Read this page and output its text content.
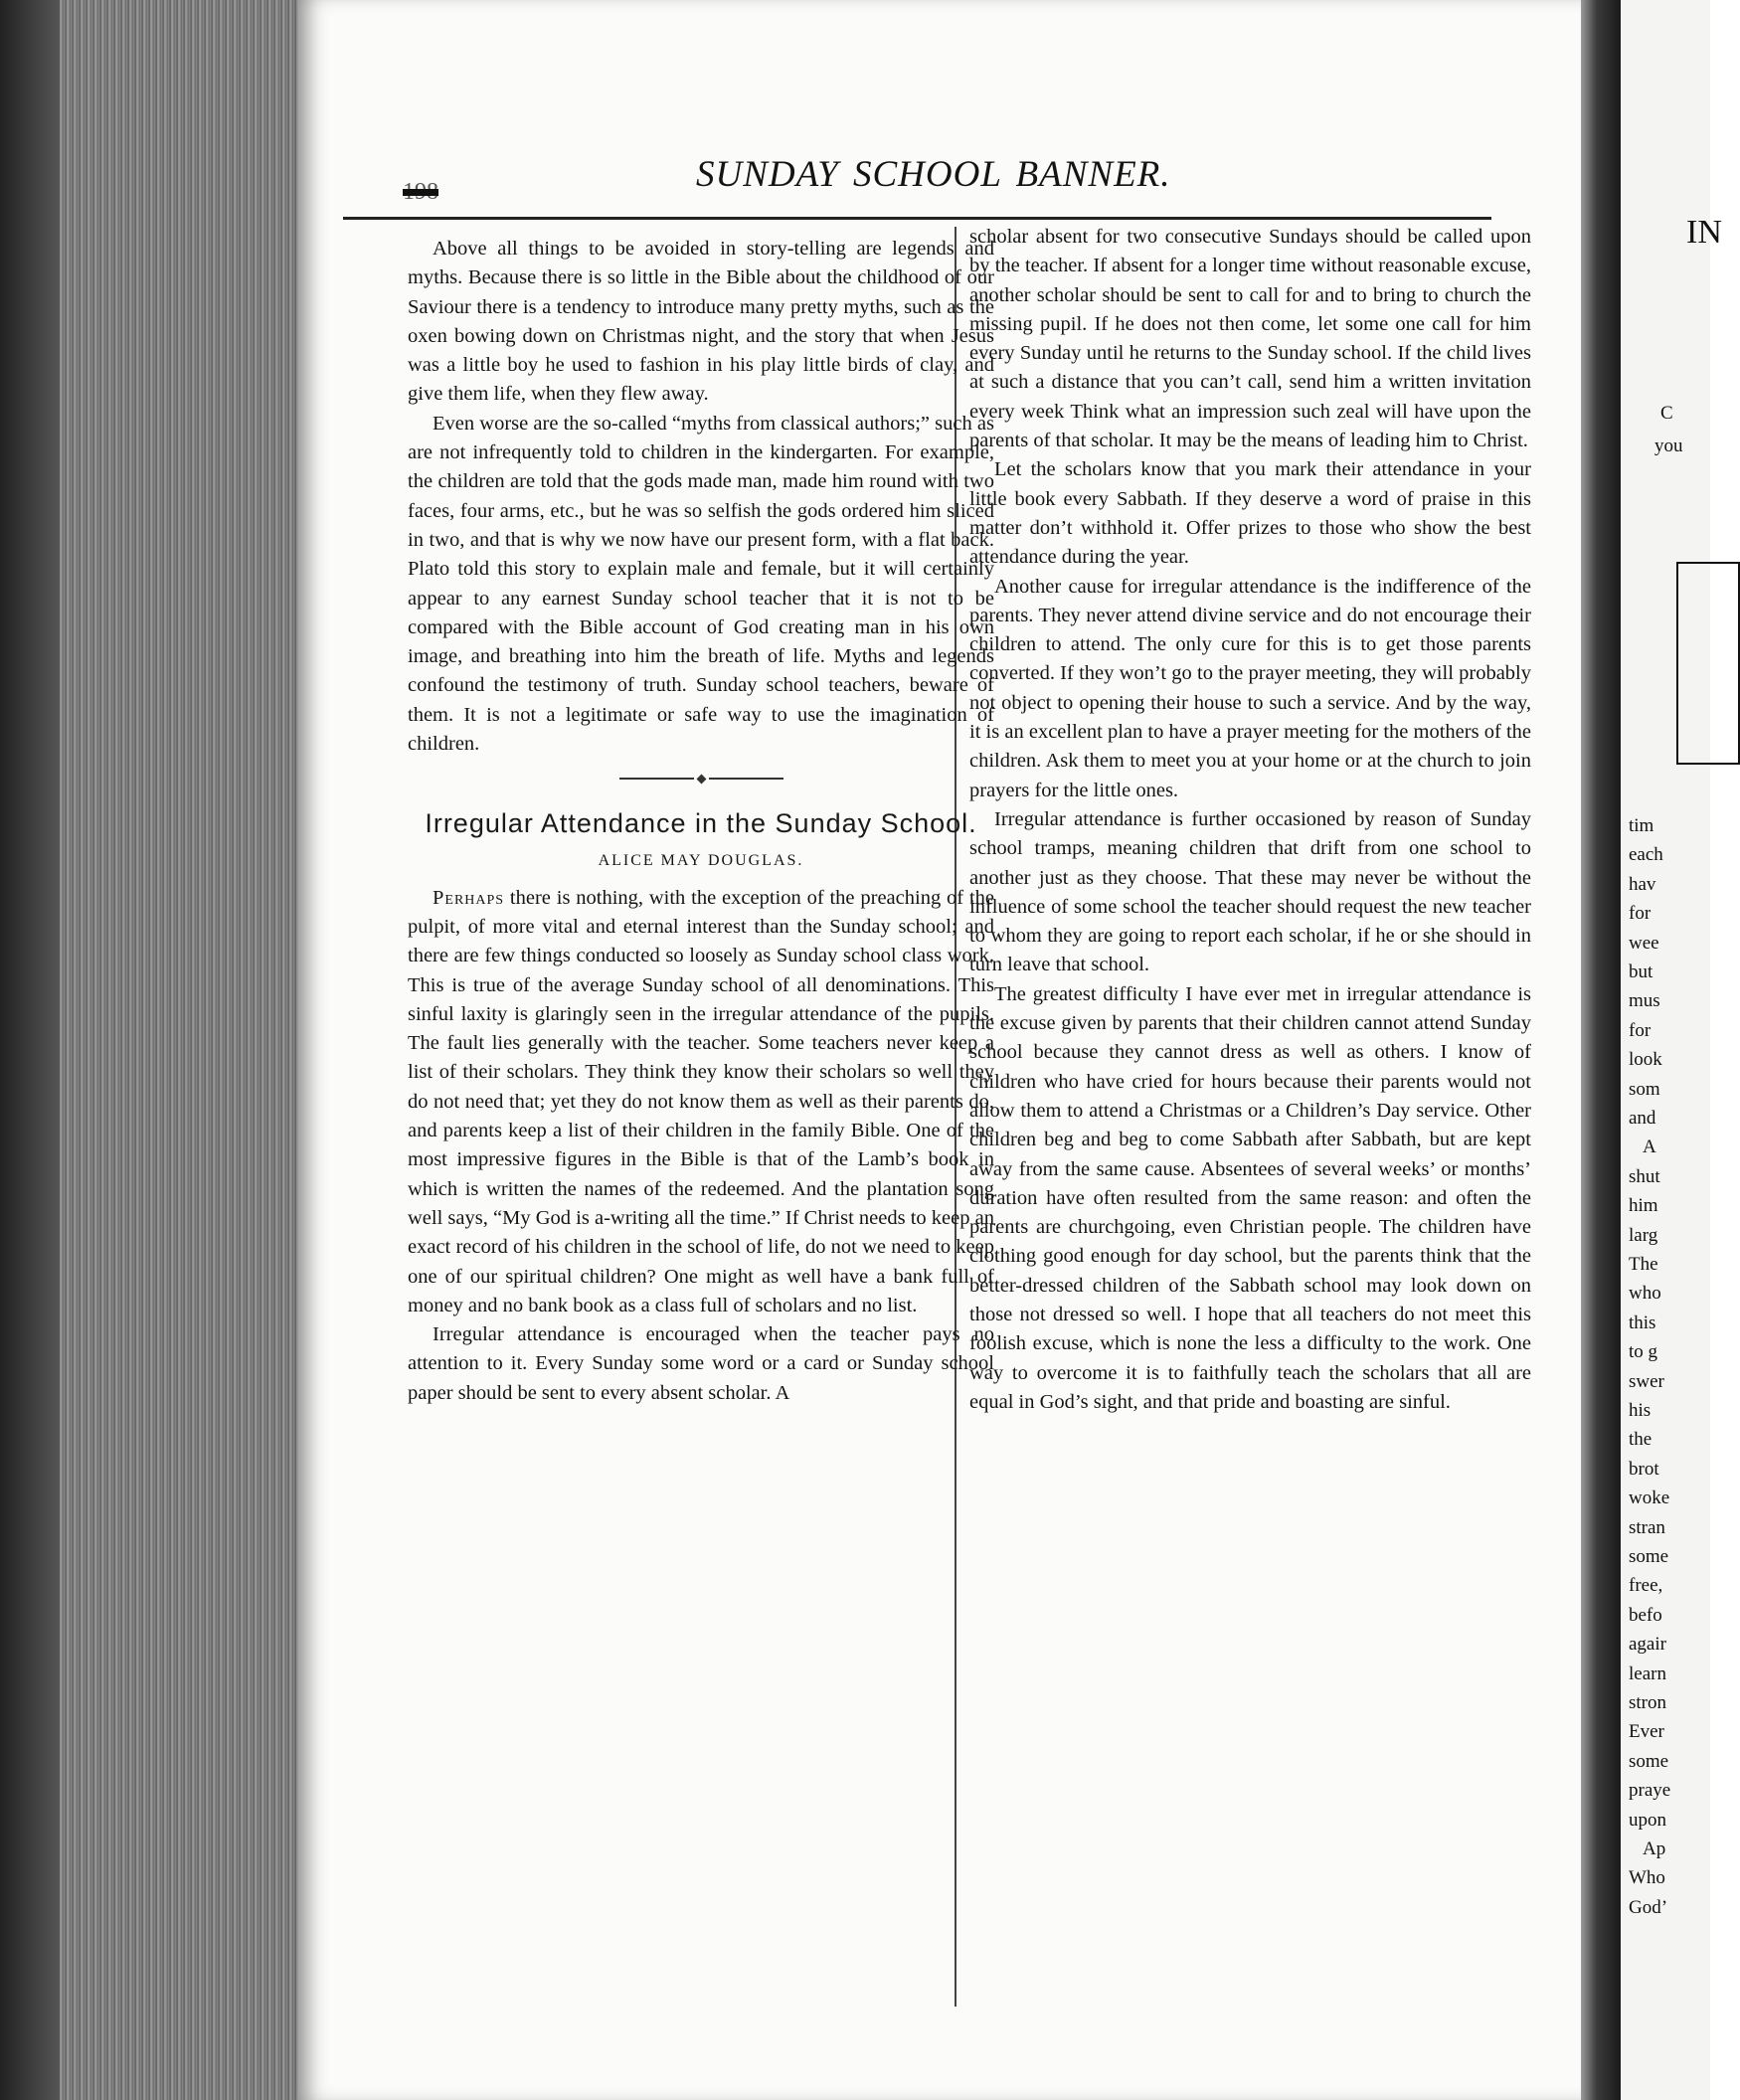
198	SUNDAY SCHOOL BANNER.

Above all things to be avoided in story-telling are legends and myths. Because there is so little in the Bible about the childhood of our Saviour there is a tendency to introduce many pretty myths, such as the oxen bowing down on Christmas night, and the story that when Jesus was a little boy he used to fashion in his play little birds of clay, and give them life, when they flew away.

Even worse are the so-called “myths from classical authors;” such as are not infrequently told to children in the kindergarten. For example, the children are told that the gods made man, made him round with two faces, four arms, etc., but he was so selfish the gods ordered him sliced in two, and that is why we now have our present form, with a flat back. Plato told this story to explain male and female, but it will certainly appear to any earnest Sunday school teacher that it is not to be compared with the Bible account of God creating man in his own image, and breathing into him the breath of life. Myths and legends confound the testimony of truth. Sunday school teachers, beware of them. It is not a legitimate or safe way to use the imagination of children.

Irregular Attendance in the Sunday School.
ALICE MAY DOUGLAS.

Perhaps there is nothing, with the exception of the preaching of the pulpit, of more vital and eternal interest than the Sunday school; and there are few things conducted so loosely as Sunday school class work. This is true of the average Sunday school of all denominations. This sinful laxity is glaringly seen in the irregular attendance of the pupils. The fault lies generally with the teacher. Some teachers never keep a list of their scholars. They think they know their scholars so well they do not need that; yet they do not know them as well as their parents do, and parents keep a list of their children in the family Bible. One of the most impressive figures in the Bible is that of the Lamb’s book in which is written the names of the redeemed. And the plantation song well says, “My God is a-writing all the time.” If Christ needs to keep an exact record of his children in the school of life, do not we need to keep one of our spiritual children? One might as well have a bank full of money and no bank book as a class full of scholars and no list.

Irregular attendance is encouraged when the teacher pays no attention to it. Every Sunday some word or a card or Sunday school paper should be sent to every absent scholar. A

scholar absent for two consecutive Sundays should be called upon by the teacher. If absent for a longer time without reasonable excuse, another scholar should be sent to call for and to bring to church the missing pupil. If he does not then come, let some one call for him every Sunday until he returns to the Sunday school. If the child lives at such a distance that you can’t call, send him a written invitation every week Think what an impression such zeal will have upon the parents of that scholar. It may be the means of leading him to Christ.

Let the scholars know that you mark their attendance in your little book every Sabbath. If they deserve a word of praise in this matter don’t withhold it. Offer prizes to those who show the best attendance during the year.

Another cause for irregular attendance is the indifference of the parents. They never attend divine service and do not encourage their children to attend. The only cure for this is to get those parents converted. If they won’t go to the prayer meeting, they will probably not object to opening their house to such a service. And by the way, it is an excellent plan to have a prayer meeting for the mothers of the children. Ask them to meet you at your home or at the church to join prayers for the little ones.

Irregular attendance is further occasioned by reason of Sunday school tramps, meaning children that drift from one school to another just as they choose. That these may never be without the influence of some school the teacher should request the new teacher to whom they are going to report each scholar, if he or she should in turn leave that school.

The greatest difficulty I have ever met in irregular attendance is the excuse given by parents that their children cannot attend Sunday school because they cannot dress as well as others. I know of children who have cried for hours because their parents would not allow them to attend a Christmas or a Children’s Day service. Other children beg and beg to come Sabbath after Sabbath, but are kept away from the same cause. Absentees of several weeks’ or months’ duration have often resulted from the same reason: and often the parents are churchgoing, even Christian people. The children have clothing good enough for day school, but the parents think that the better-dressed children of the Sabbath school may look down on those not dressed so well. I hope that all teachers do not meet this foolish excuse, which is none the less a difficulty to the work. One way to overcome it is to faithfully teach the scholars that all are equal in God’s sight, and that pride and boasting are sinful.

IN
C
you
tim
each
hav
for
wee
but
mus
for
look
som
and
A
shut
him
larg
The
who
this
to g
swer
his
the
brot
woke
stran
some
free,
befo
agair
learn
stron
Ever
some
praye
upon
Ap
Who
God’
